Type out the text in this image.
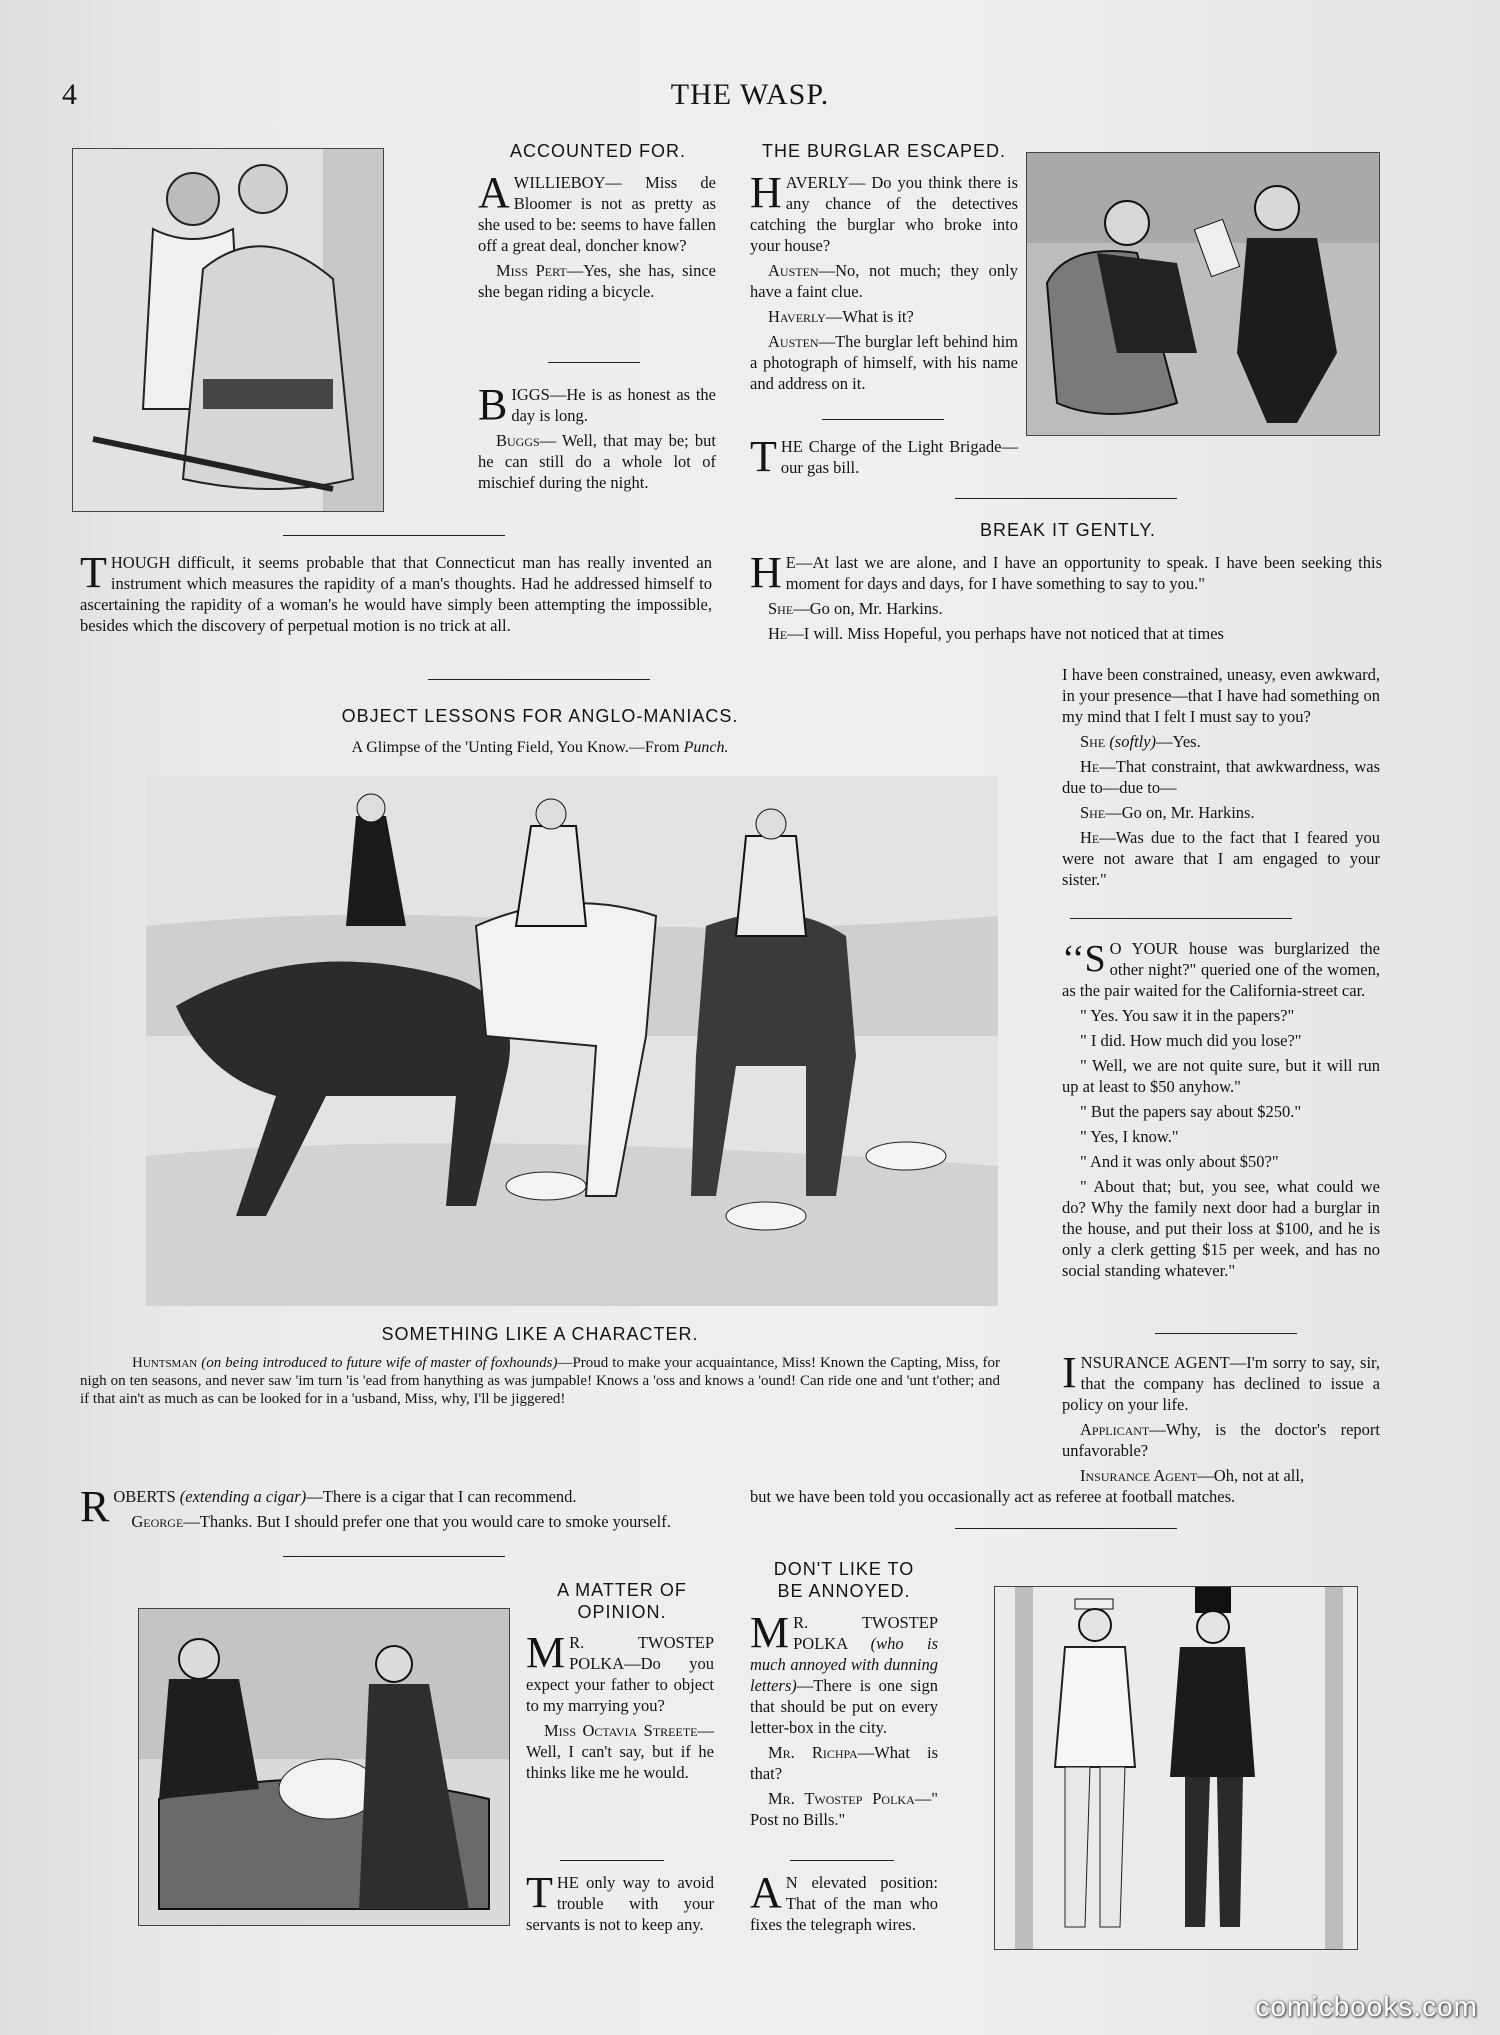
4	THE WASP.
ACCOUNTED FOR.

AWILLIEBOY— Miss de Bloomer is not as pretty as she used to be: seems to have fallen off a great deal, doncher know?

Miss Pert—Yes, she has, since she began riding a bicycle.

BIGGS—He is as honest as the day is long.

Buggs— Well, that may be; but he can still do a whole lot of mischief during the night.

THE BURGLAR ESCAPED.

HAVERLY— Do you think there is any chance of the detectives catching the burglar who broke into your house?

Austen—No, not much; they only have a faint clue.

Haverly—What is it?

Austen—The burglar left behind him a photograph of himself, with his name and address on it.

THE Charge of the Light Brigade—our gas bill.

BREAK IT GENTLY.

H E—At last we are alone, and I have an opportunity to speak. I have been seeking this moment for days and days, for I have something to say to you."

She—Go on, Mr. Harkins.

He—I will. Miss Hopeful, you perhaps have not noticed that at times

I have been constrained, uneasy, even awkward, in your presence—that I have had something on my mind that I felt I must say to you?

She (softly)—Yes.

He—That constraint, that awkwardness, was due to—due to—

She—Go on, Mr. Harkins.

He—Was due to the fact that I feared you were not aware that I am engaged to your sister."

THOUGH difficult, it seems probable that that Connecticut man has really invented an instrument which measures the rapidity of a man's thoughts. Had he addressed himself to ascertaining the rapidity of a woman's he would have simply been attempting the impossible, besides which the discovery of perpetual motion is no trick at all.

OBJECT LESSONS FOR ANGLO-MANIACS.
A Glimpse of the 'Unting Field, You Know.—From Punch.
SOMETHING LIKE A CHARACTER.

Huntsman (on being introduced to future wife of master of foxhounds)—Proud to make your acquaintance, Miss! Known the Capting, Miss, for nigh on ten seasons, and never saw 'im turn 'is 'ead from hanything as was jumpable! Knows a 'oss and knows a 'ound! Can ride one and 'unt t'other; and if that ain't as much as can be looked for in a 'usband, Miss, why, I'll be jiggered!

‘‘S O YOUR house was burglarized the other night?" queried one of the women, as the pair waited for the California-street car.

" Yes. You saw it in the papers?"

" I did. How much did you lose?"

" Well, we are not quite sure, but it will run up at least to $50 anyhow."

" But the papers say about $250."

" Yes, I know."

" And it was only about $50?"

" About that; but, you see, what could we do? Why the family next door had a burglar in the house, and put their loss at $100, and he is only a clerk getting $15 per week, and has no social standing whatever."

INSURANCE AGENT—I'm sorry to say, sir, that the company has declined to issue a policy on your life.

Applicant—Why, is the doctor's report unfavorable?

Insurance Agent—Oh, not at all,

but we have been told you occasionally act as referee at football matches.

ROBERTS (extending a cigar)—There is a cigar that I can recommend.

George—Thanks. But I should prefer one that you would care to smoke yourself.

A MATTER OF
OPINION.

M R. TWOSTEP POLKA—Do you expect your father to object to my marrying you?

Miss Octavia Streete—Well, I can't say, but if he thinks like me he would.

THE only way to avoid trouble with your servants is not to keep any.

DON'T LIKE TO
BE ANNOYED.

M R. TWOSTEP POLKA (who is much annoyed with dunning letters)—There is one sign that should be put on every letter-box in the city.

Mr. Richpa—What is that?

Mr. Twostep Polka—" Post no Bills."

A N elevated position: That of the man who fixes the telegraph wires.

comicbooks.com
